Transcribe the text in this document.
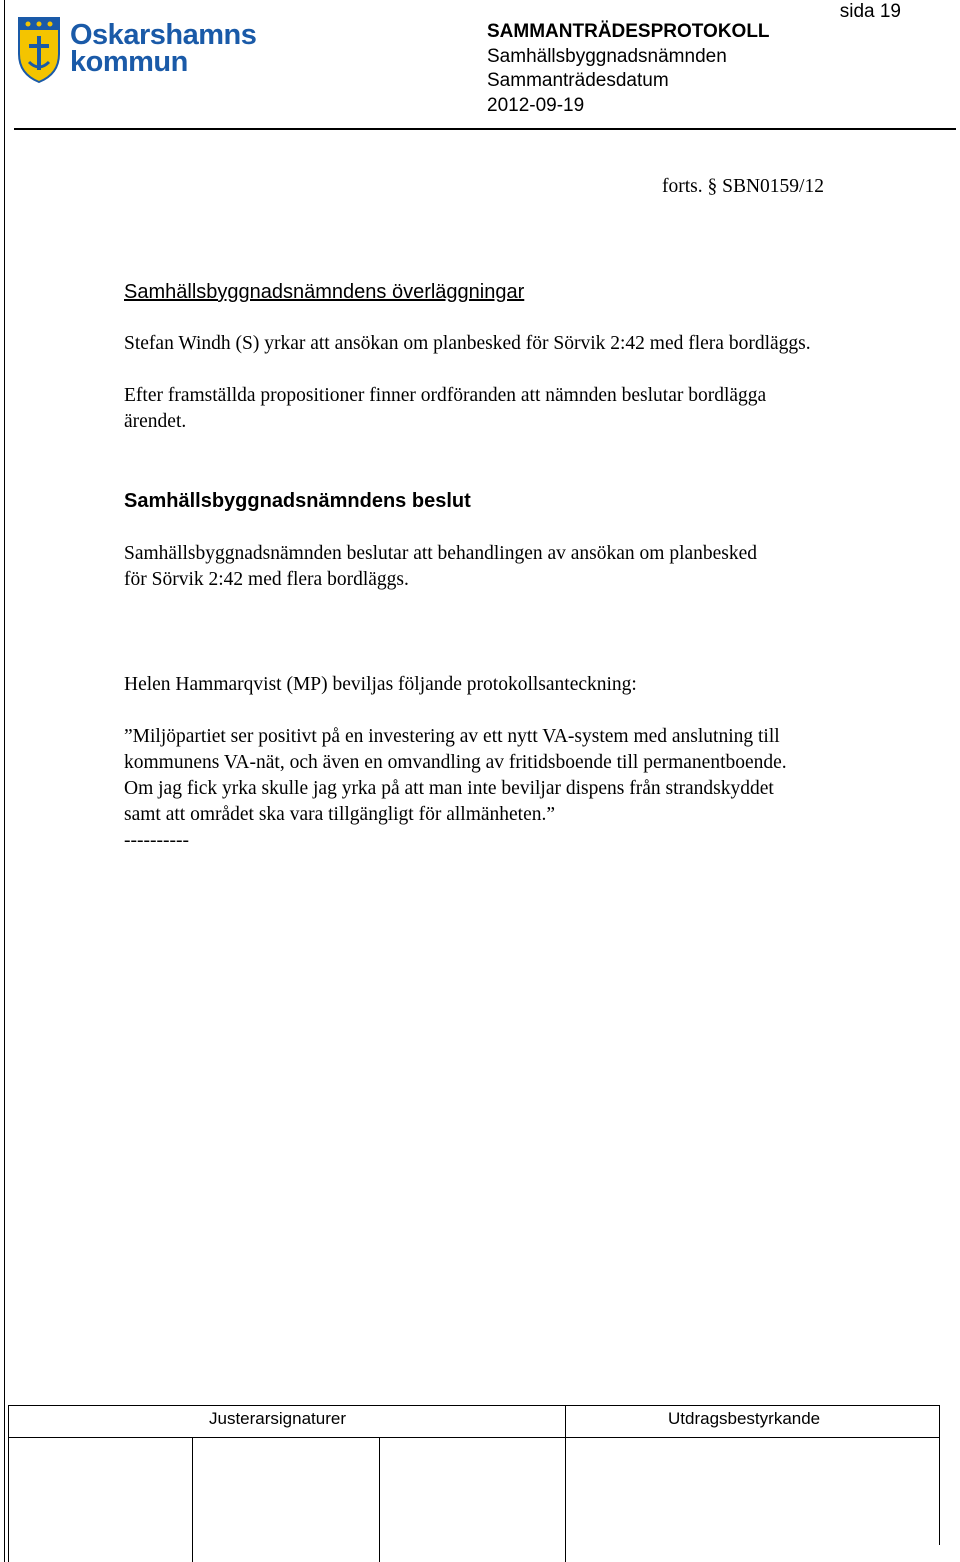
Oskarshamns
kommun
sida 19
SAMMANTRÄDESPROTOKOLL
Samhällsbyggnadsnämnden
Sammanträdesdatum
2012-09-19
forts. § SBN0159/12
Samhällsbyggnadsnämndens överläggningar
Stefan Windh (S) yrkar att ansökan om planbesked för Sörvik 2:42 med flera bordläggs.
Efter framställda propositioner finner ordföranden att nämnden beslutar bordlägga
ärendet.
Samhällsbyggnadsnämndens beslut
Samhällsbyggnadsnämnden beslutar att behandlingen av ansökan om planbesked
för Sörvik 2:42 med flera bordläggs.
Helen Hammarqvist (MP) beviljas följande protokollsanteckning:
”Miljöpartiet ser positivt på en investering av ett nytt VA-system med anslutning till
kommunens VA-nät, och även en omvandling av fritidsboende till permanentboende.
Om jag fick yrka skulle jag yrka på att man inte beviljar dispens från strandskyddet
samt att området ska vara tillgängligt för allmänheten.”
----------
Justerarsignaturer	Utdragsbestyrkande
